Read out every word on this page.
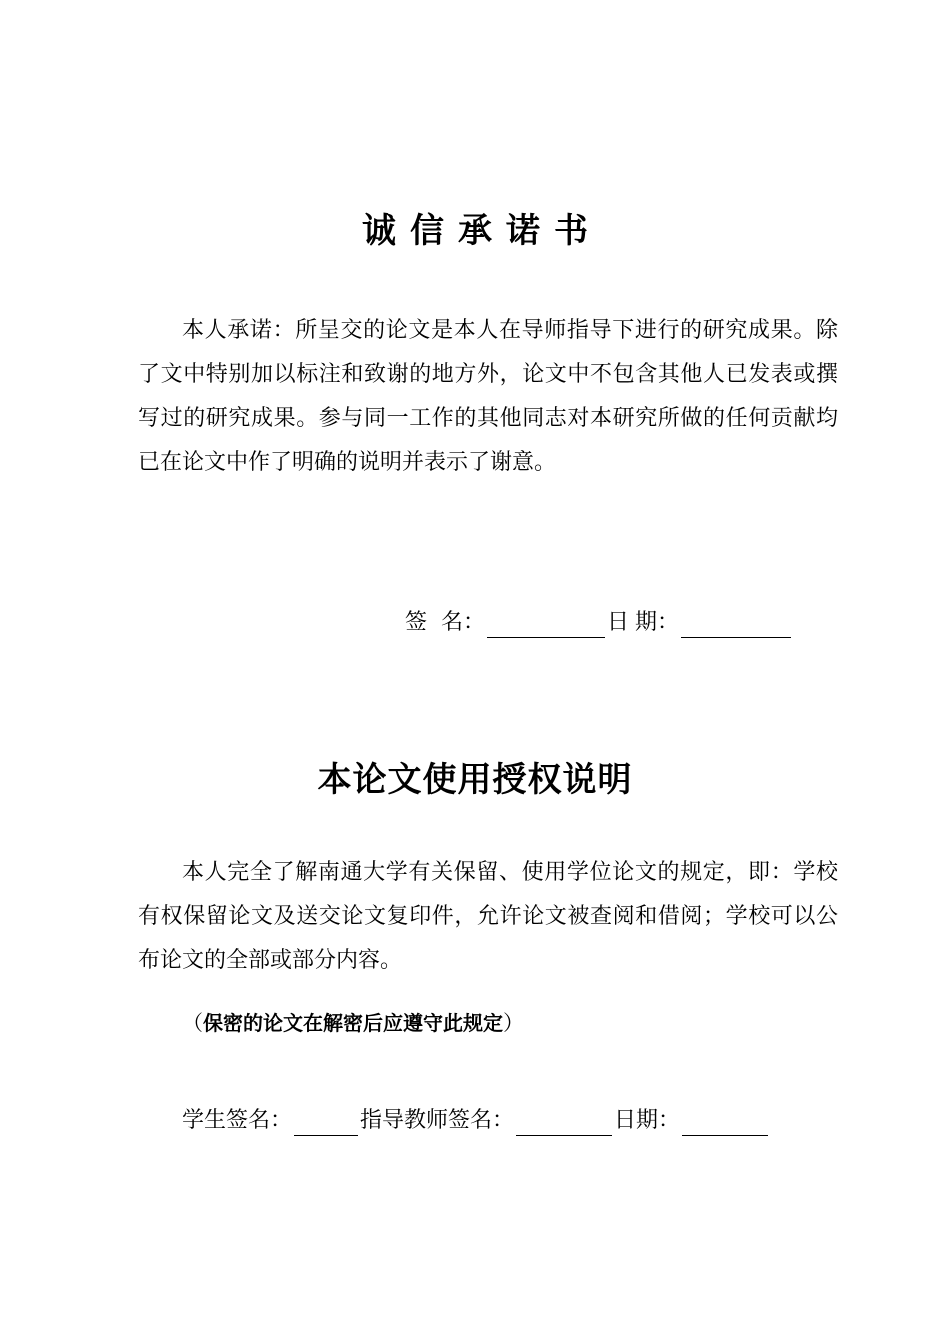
诚信承诺书

本人承诺：所呈交的论文是本人在导师指导下进行的研究成果。除了文中特别加以标注和致谢的地方外，论文中不包含其他人已发表或撰写过的研究成果。参与同一工作的其他同志对本研究所做的任何贡献均已在论文中作了明确的说明并表示了谢意。

签 名：	日 期：
本论文使用授权说明

本人完全了解南通大学有关保留、使用学位论文的规定，即：学校有权保留论文及送交论文复印件，允许论文被查阅和借阅；学校可以公布论文的全部或部分内容。

（保密的论文在解密后应遵守此规定）
学生签名：	指导教师签名：	日期：
